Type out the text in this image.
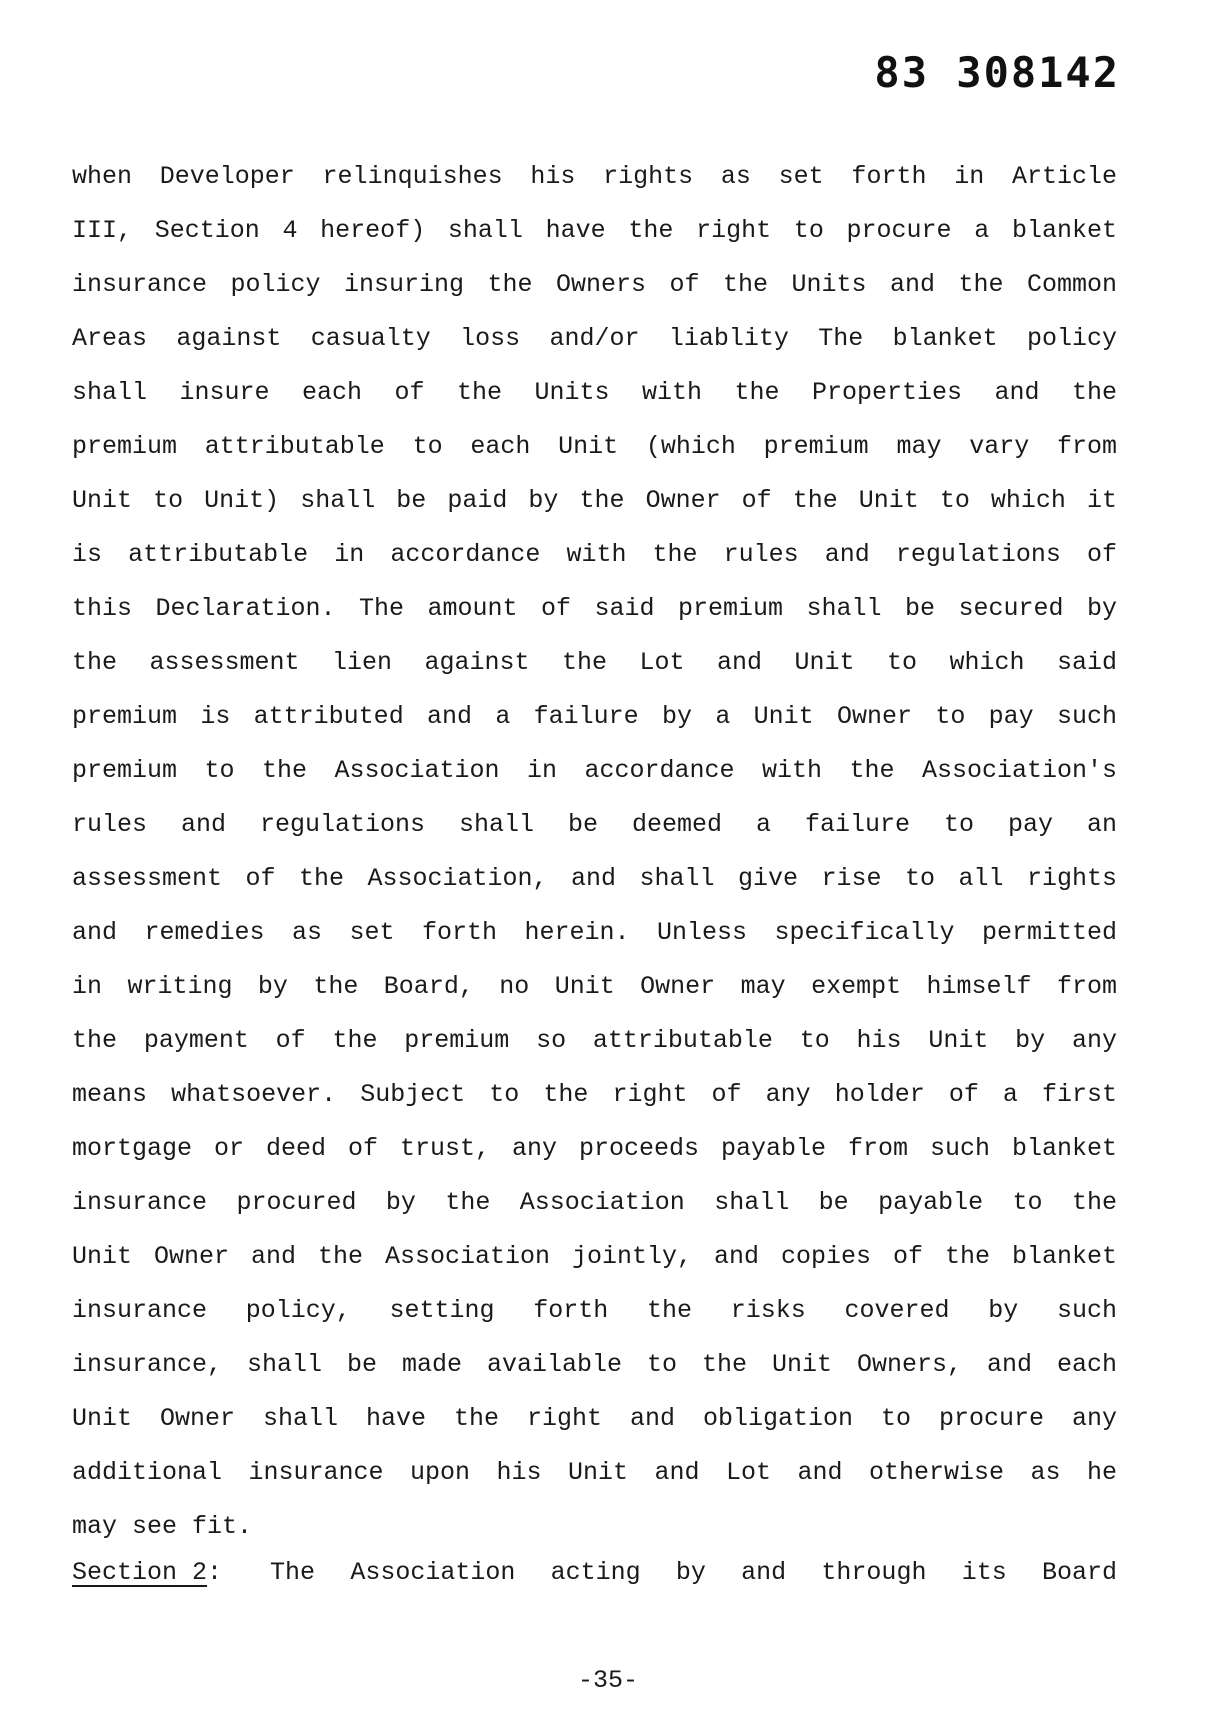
83 308142
when Developer relinquishes his rights as set forth in Article
III, Section 4 hereof) shall have the right to procure a blanket
insurance policy insuring the Owners of the Units and the Common
Areas against casualty loss and/or liablity The blanket policy
shall insure each of the Units with the Properties and the
premium attributable to each Unit (which premium may vary from
Unit to Unit) shall be paid by the Owner of the Unit to which it
is attributable in accordance with the rules and regulations of
this Declaration. The amount of said premium shall be secured by
the assessment lien against the Lot and Unit to which said
premium is attributed and a failure by a Unit Owner to pay such
premium to the Association in accordance with the Association's
rules and regulations shall be deemed a failure to pay an
assessment of the Association, and shall give rise to all rights
and remedies as set forth herein. Unless specifically permitted
in writing by the Board, no Unit Owner may exempt himself from
the payment of the premium so attributable to his Unit by any
means whatsoever. Subject to the right of any holder of a first
mortgage or deed of trust, any proceeds payable from such blanket
insurance procured by the Association shall be payable to the
Unit Owner and the Association jointly, and copies of the blanket
insurance policy, setting forth the risks covered by such
insurance, shall be made available to the Unit Owners, and each
Unit Owner shall have the right and obligation to procure any
additional insurance upon his Unit and Lot and otherwise as he
may see fit.
Section 2: The Association acting by and through its Board
-35-
